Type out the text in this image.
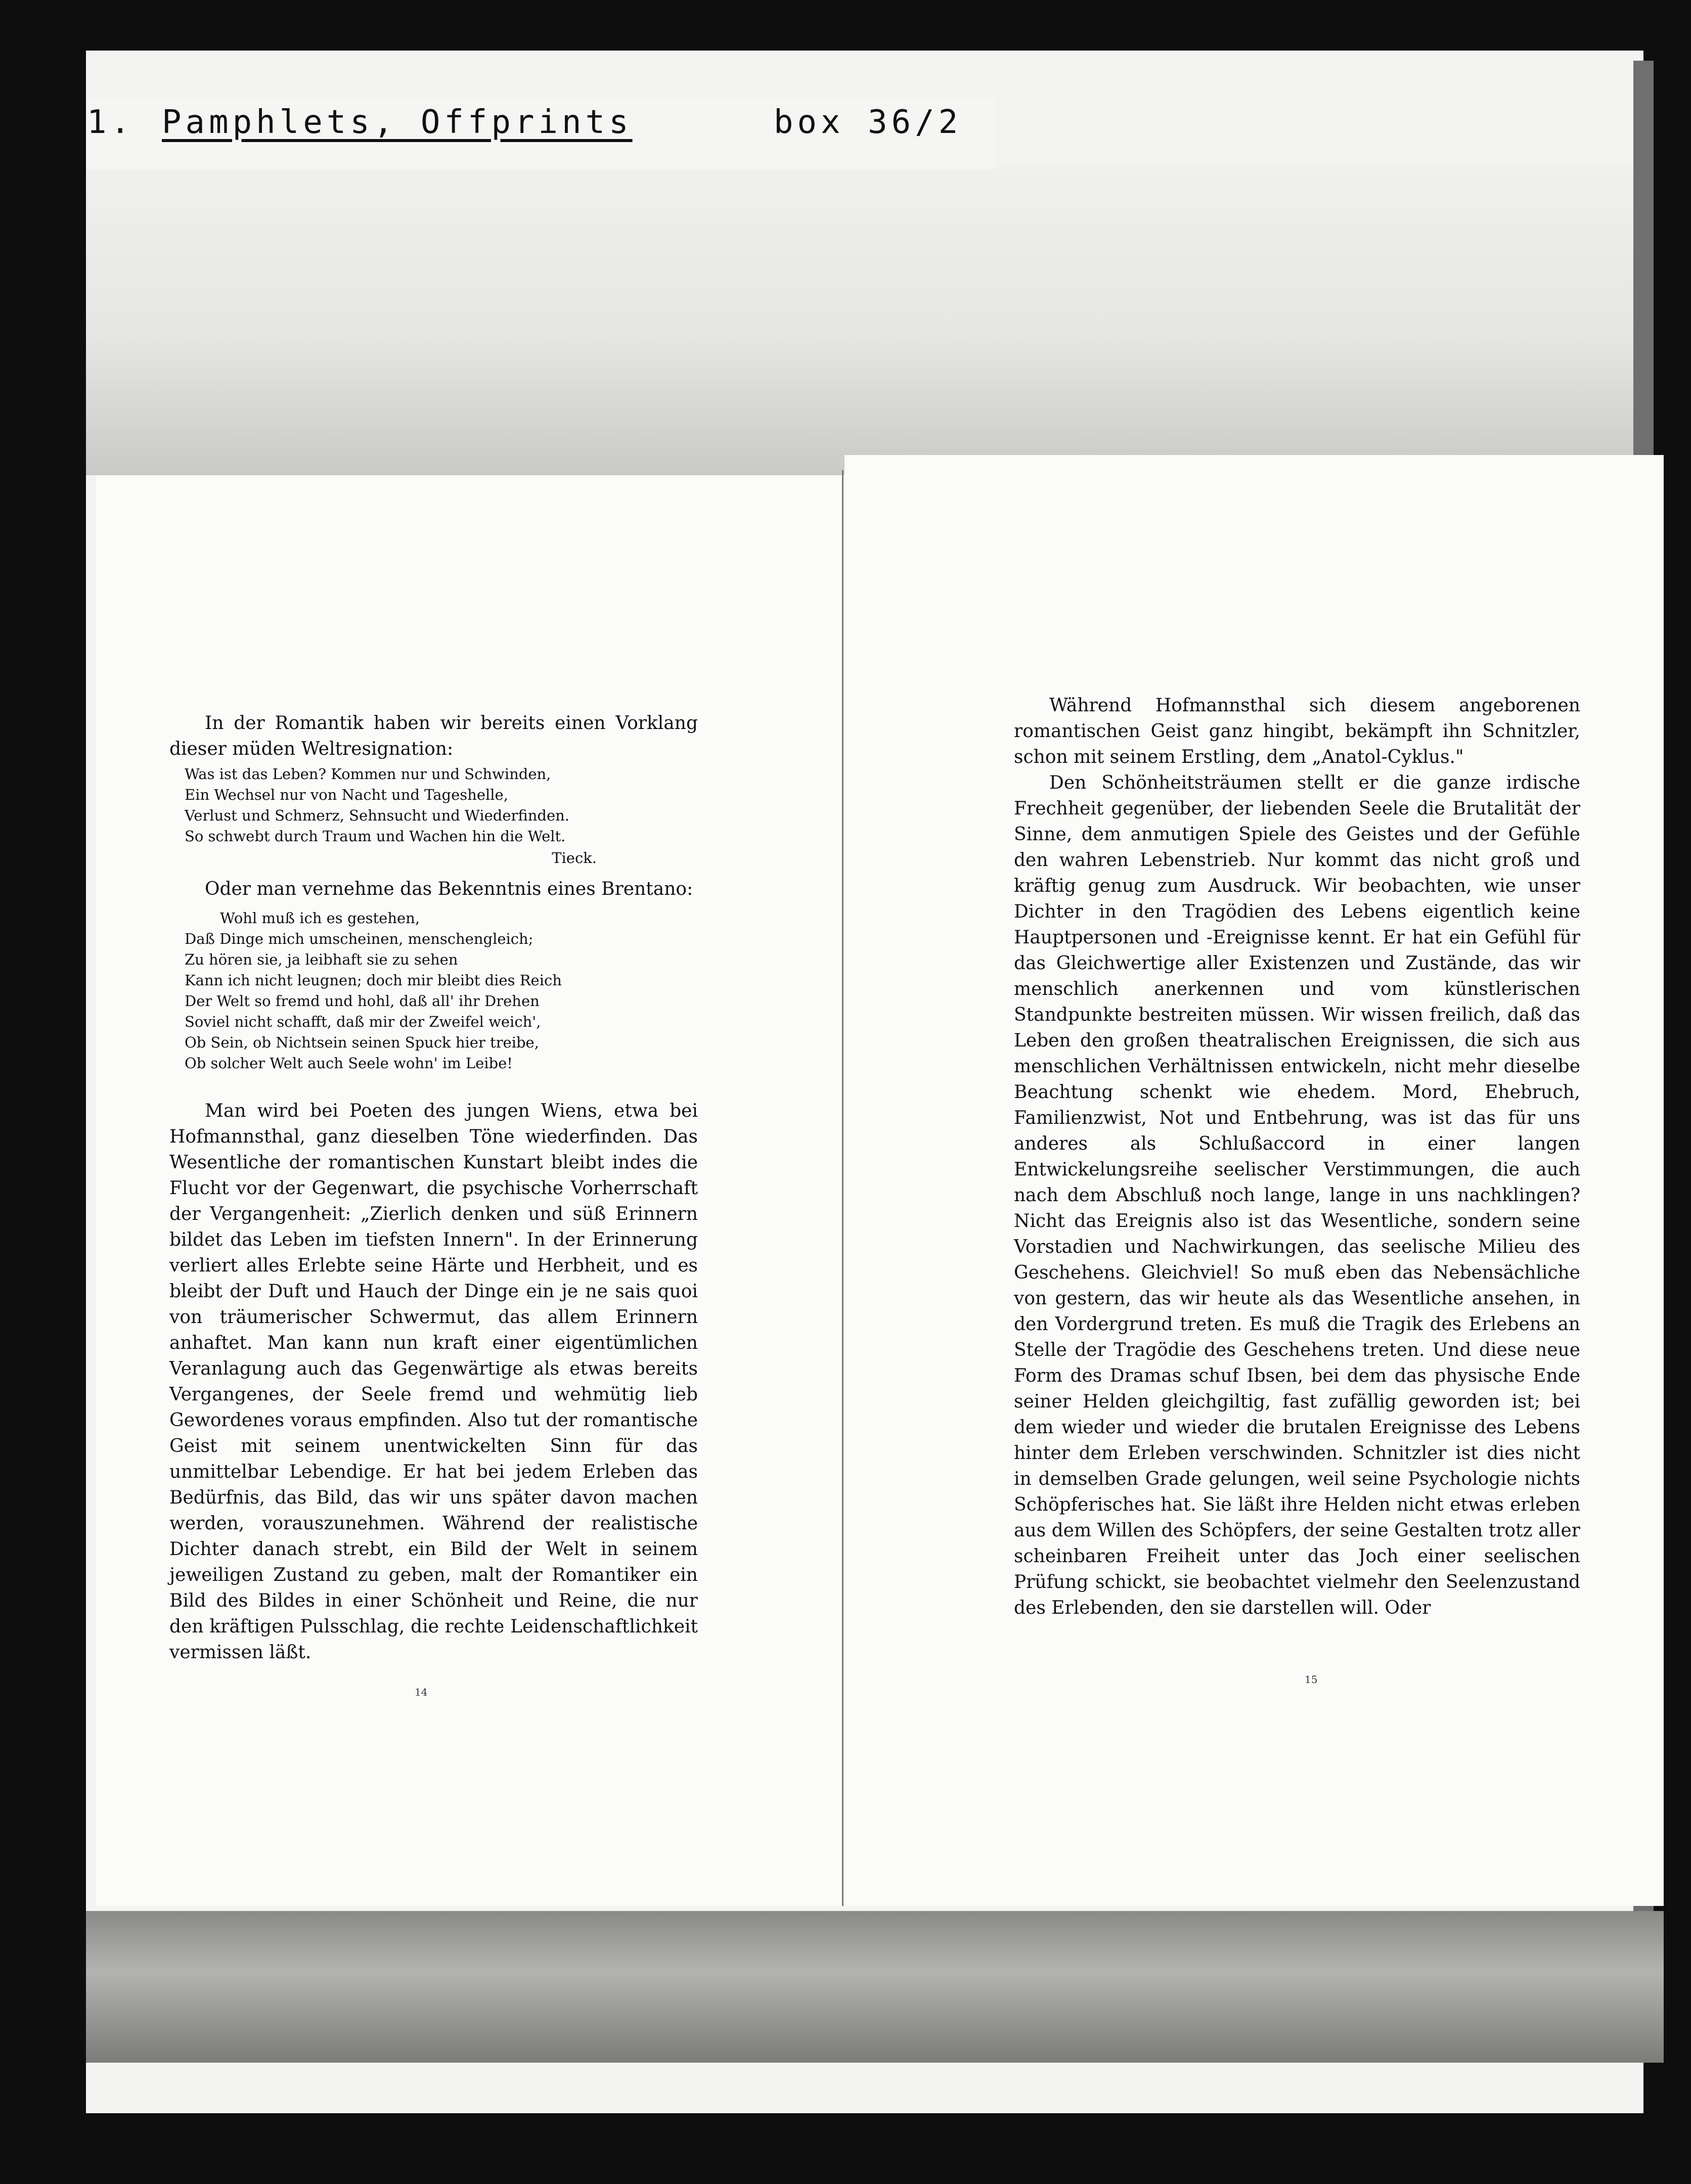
1. Pamphlets, Offprints	box 36/2

In der Romantik haben wir bereits einen Vorklang dieser müden Weltresignation:

Was ist das Leben? Kommen nur und Schwinden,

Ein Wechsel nur von Nacht und Tageshelle,

Verlust und Schmerz, Sehnsucht und Wiederfinden.

So schwebt durch Traum und Wachen hin die Welt.

Tieck.

Oder man vernehme das Bekenntnis eines Brentano:

Wohl muß ich es gestehen,

Daß Dinge mich umscheinen, menschengleich;

Zu hören sie, ja leibhaft sie zu sehen

Kann ich nicht leugnen; doch mir bleibt dies Reich

Der Welt so fremd und hohl, daß all' ihr Drehen

Soviel nicht schafft, daß mir der Zweifel weich',

Ob Sein, ob Nichtsein seinen Spuck hier treibe,

Ob solcher Welt auch Seele wohn' im Leibe!

Man wird bei Poeten des jungen Wiens, etwa bei Hofmannsthal, ganz dieselben Töne wiederfinden. Das Wesentliche der romantischen Kunstart bleibt indes die Flucht vor der Gegenwart, die psychische Vorherrschaft der Vergangenheit: „Zierlich denken und süß Erinnern bildet das Leben im tiefsten Innern". In der Erinnerung verliert alles Erlebte seine Härte und Herbheit, und es bleibt der Duft und Hauch der Dinge ein je ne sais quoi von träumerischer Schwermut, das allem Erinnern anhaftet. Man kann nun kraft einer eigentümlichen Veranlagung auch das Gegenwärtige als etwas bereits Vergangenes, der Seele fremd und wehmütig lieb Gewordenes voraus empfinden. Also tut der romantische Geist mit seinem unentwickelten Sinn für das unmittelbar Lebendige. Er hat bei jedem Erleben das Bedürfnis, das Bild, das wir uns später davon machen werden, vorauszunehmen. Während der realistische Dichter danach strebt, ein Bild der Welt in seinem jeweiligen Zustand zu geben, malt der Romantiker ein Bild des Bildes in einer Schönheit und Reine, die nur den kräftigen Pulsschlag, die rechte Leidenschaftlichkeit vermissen läßt.

14

Während Hofmannsthal sich diesem angeborenen romantischen Geist ganz hingibt, bekämpft ihn Schnitzler, schon mit seinem Erstling, dem „Anatol-Cyklus."

Den Schönheitsträumen stellt er die ganze irdische Frechheit gegenüber, der liebenden Seele die Brutalität der Sinne, dem anmutigen Spiele des Geistes und der Gefühle den wahren Lebenstrieb. Nur kommt das nicht groß und kräftig genug zum Ausdruck. Wir beobachten, wie unser Dichter in den Tragödien des Lebens eigentlich keine Hauptpersonen und -Ereignisse kennt. Er hat ein Gefühl für das Gleichwertige aller Existenzen und Zustände, das wir menschlich anerkennen und vom künstlerischen Standpunkte bestreiten müssen. Wir wissen freilich, daß das Leben den großen theatralischen Ereignissen, die sich aus menschlichen Verhältnissen entwickeln, nicht mehr dieselbe Beachtung schenkt wie ehedem. Mord, Ehebruch, Familienzwist, Not und Entbehrung, was ist das für uns anderes als Schlußaccord in einer langen Entwickelungsreihe seelischer Verstimmungen, die auch nach dem Abschluß noch lange, lange in uns nachklingen? Nicht das Ereignis also ist das Wesentliche, sondern seine Vorstadien und Nachwirkungen, das seelische Milieu des Geschehens. Gleichviel! So muß eben das Nebensächliche von gestern, das wir heute als das Wesentliche ansehen, in den Vordergrund treten. Es muß die Tragik des Erlebens an Stelle der Tragödie des Geschehens treten. Und diese neue Form des Dramas schuf Ibsen, bei dem das physische Ende seiner Helden gleichgiltig, fast zufällig geworden ist; bei dem wieder und wieder die brutalen Ereignisse des Lebens hinter dem Erleben verschwinden. Schnitzler ist dies nicht in demselben Grade gelungen, weil seine Psychologie nichts Schöpferisches hat. Sie läßt ihre Helden nicht etwas erleben aus dem Willen des Schöpfers, der seine Gestalten trotz aller scheinbaren Freiheit unter das Joch einer seelischen Prüfung schickt, sie beobachtet vielmehr den Seelenzustand des Erlebenden, den sie darstellen will. Oder

15
